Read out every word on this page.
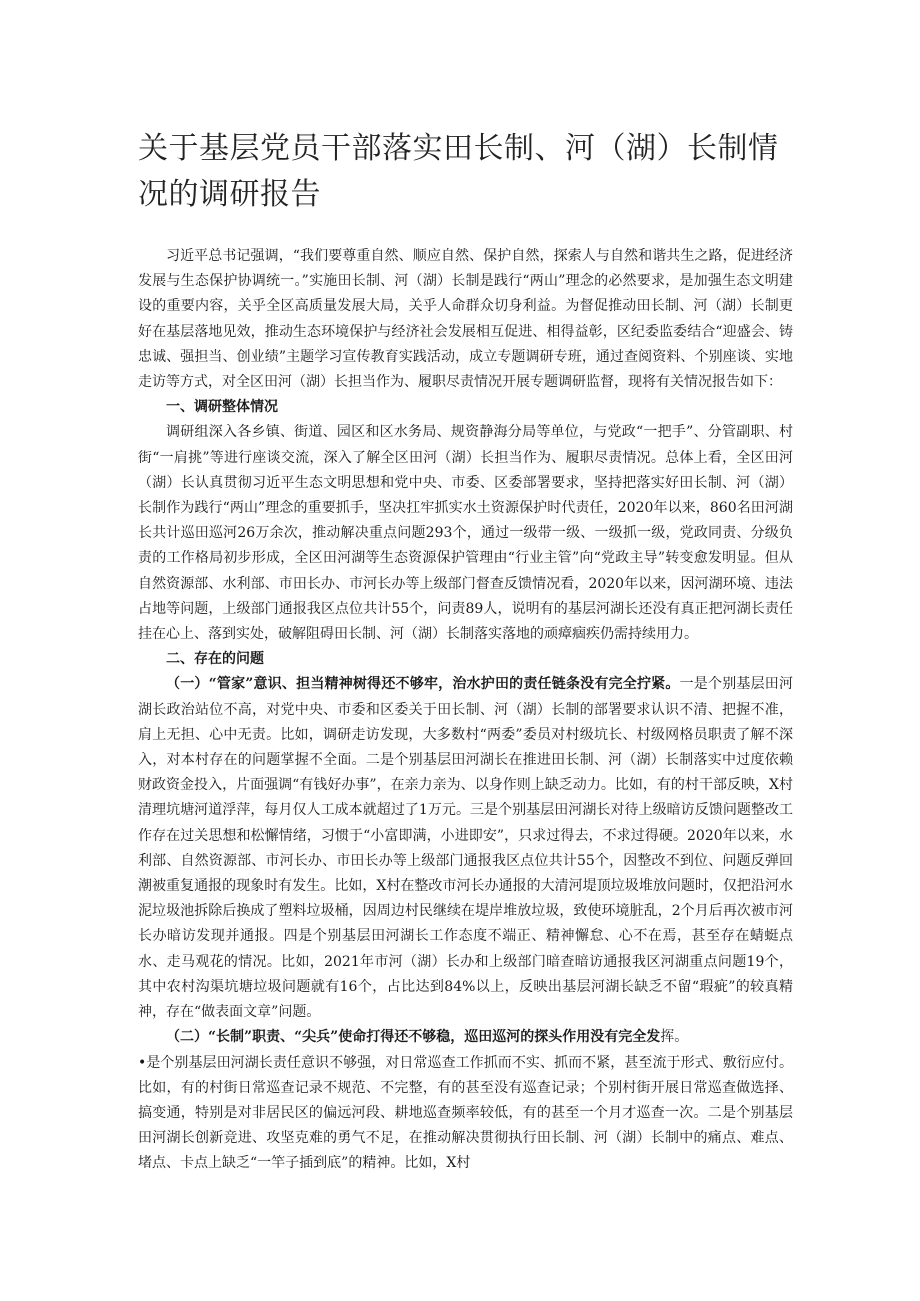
关于基层党员干部落实田长制、河（湖）长制情况的调研报告

习近平总书记强调，“我们要尊重自然、顺应自然、保护自然，探索人与自然和谐共生之路，促进经济发展与生态保护协调统一。”实施田长制、河（湖）长制是践行“两山”理念的必然要求，是加强生态文明建设的重要内容，关乎全区高质量发展大局，关乎人命群众切身利益。为督促推动田长制、河（湖）长制更好在基层落地见效，推动生态环境保护与经济社会发展相互促进、相得益彰，区纪委监委结合“迎盛会、铸忠诚、强担当、创业绩”主题学习宣传教育实践活动，成立专题调研专班，通过查阅资料、个别座谈、实地走访等方式，对全区田河（湖）长担当作为、履职尽责情况开展专题调研监督，现将有关情况报告如下：

一、调研整体情况

调研组深入各乡镇、街道、园区和区水务局、规资静海分局等单位，与党政“一把手”、分管副职、村街“一肩挑”等进行座谈交流，深入了解全区田河（湖）长担当作为、履职尽责情况。总体上看，全区田河（湖）长认真贯彻习近平生态文明思想和党中央、市委、区委部署要求，坚持把落实好田长制、河（湖）长制作为践行“两山”理念的重要抓手，坚决扛牢抓实水土资源保护时代责任，2020年以来，860名田河湖长共计巡田巡河26万余次，推动解决重点问题293个，通过一级带一级、一级抓一级，党政同责、分级负责的工作格局初步形成，全区田河湖等生态资源保护管理由“行业主管”向“党政主导”转变愈发明显。但从自然资源部、水利部、市田长办、市河长办等上级部门督查反馈情况看，2020年以来，因河湖环境、违法占地等问题，上级部门通报我区点位共计55个，问责89人，说明有的基层河湖长还没有真正把河湖长责任挂在心上、落到实处，破解阻碍田长制、河（湖）长制落实落地的顽瘴痼疾仍需持续用力。

二、存在的问题

（一）“管家”意识、担当精神树得还不够牢，治水护田的责任链条没有完全拧紧。一是个别基层田河湖长政治站位不高，对党中央、市委和区委关于田长制、河（湖）长制的部署要求认识不清、把握不准，肩上无担、心中无责。比如，调研走访发现，大多数村“两委”委员对村级坑长、村级网格员职责了解不深入，对本村存在的问题掌握不全面。二是个别基层田河湖长在推进田长制、河（湖）长制落实中过度依赖财政资金投入，片面强调“有钱好办事”，在亲力亲为、以身作则上缺乏动力。比如，有的村干部反映，X村清理坑塘河道浮萍，每月仅人工成本就超过了1万元。三是个别基层田河湖长对待上级暗访反馈问题整改工作存在过关思想和松懈情绪，习惯于“小富即满，小进即安”，只求过得去，不求过得硬。2020年以来，水利部、自然资源部、市河长办、市田长办等上级部门通报我区点位共计55个，因整改不到位、问题反弹回潮被重复通报的现象时有发生。比如，X村在整改市河长办通报的大清河堤顶垃圾堆放问题时，仅把沿河水泥垃圾池拆除后换成了塑料垃圾桶，因周边村民继续在堤岸堆放垃圾，致使环境脏乱，2个月后再次被市河长办暗访发现并通报。四是个别基层田河湖长工作态度不端正、精神懈怠、心不在焉，甚至存在蜻蜓点水、走马观花的情况。比如，2021年市河（湖）长办和上级部门暗查暗访通报我区河湖重点问题19个，其中农村沟渠坑塘垃圾问题就有16个，占比达到84%以上，反映出基层河湖长缺乏不留“瑕疵”的较真精神，存在“做表面文章”问题。

（二）“长制”职责、“尖兵”使命打得还不够稳，巡田巡河的探头作用没有完全发挥。

•是个别基层田河湖长责任意识不够强，对日常巡查工作抓而不实、抓而不紧，甚至流于形式、敷衍应付。比如，有的村街日常巡查记录不规范、不完整，有的甚至没有巡查记录；个别村街开展日常巡查做选择、搞变通，特别是对非居民区的偏远河段、耕地巡查频率较低，有的甚至一个月才巡查一次。二是个别基层田河湖长创新竞进、攻坚克难的勇气不足，在推动解决贯彻执行田长制、河（湖）长制中的痛点、难点、堵点、卡点上缺乏“一竿子插到底”的精神。比如，X村
